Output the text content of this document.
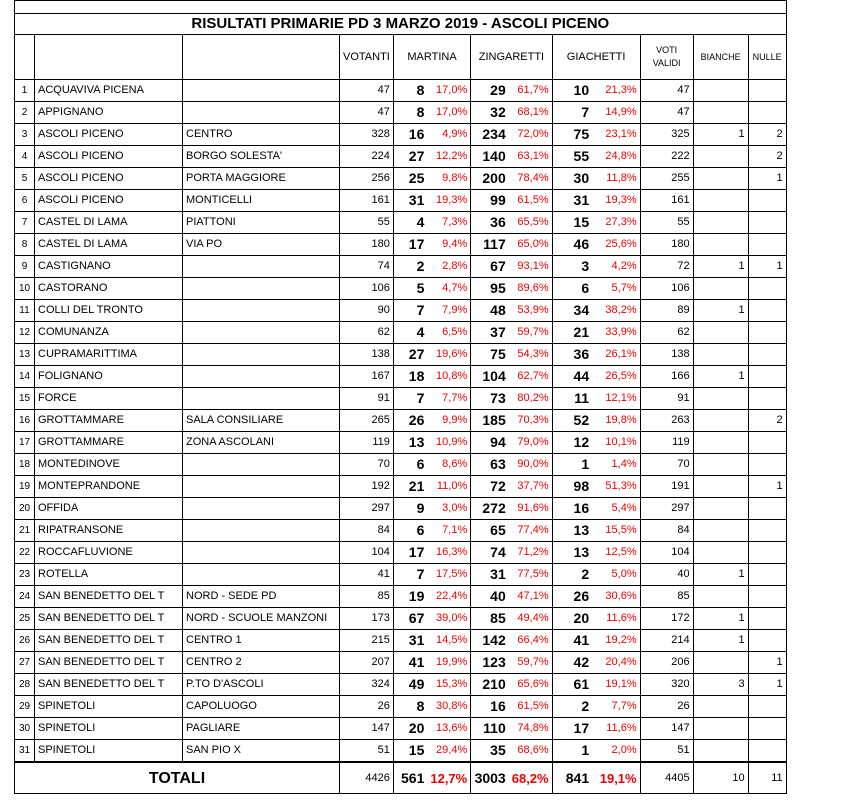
RISULTATI PRIMARIE PD 3 MARZO 2019 - ASCOLI PICENO												
			VOTANTI	MARTINA		ZINGARETTI		GIACHETTI		VOTI VALIDI	BIANCHE	NULLE
1	ACQUAVIVA PICENA		47	8	17,0%	29	61,7%	10	21,3%	47		
2	APPIGNANO		47	8	17,0%	32	68,1%	7	14,9%	47		
3	ASCOLI PICENO	CENTRO	328	16	4,9%	234	72,0%	75	23,1%	325	1	2
4	ASCOLI PICENO	BORGO SOLESTA'	224	27	12,2%	140	63,1%	55	24,8%	222		2
5	ASCOLI PICENO	PORTA MAGGIORE	256	25	9,8%	200	78,4%	30	11,8%	255		1
6	ASCOLI PICENO	MONTICELLI	161	31	19,3%	99	61,5%	31	19,3%	161		
7	CASTEL DI LAMA	PIATTONI	55	4	7,3%	36	65,5%	15	27,3%	55		
8	CASTEL DI LAMA	VIA PO	180	17	9,4%	117	65,0%	46	25,6%	180		
9	CASTIGNANO		74	2	2,8%	67	93,1%	3	4,2%	72	1	1
10	CASTORANO		106	5	4,7%	95	89,6%	6	5,7%	106		
11	COLLI DEL TRONTO		90	7	7,9%	48	53,9%	34	38,2%	89	1	
12	COMUNANZA		62	4	6,5%	37	59,7%	21	33,9%	62		
13	CUPRAMARITTIMA		138	27	19,6%	75	54,3%	36	26,1%	138		
14	FOLIGNANO		167	18	10,8%	104	62,7%	44	26,5%	166	1	
15	FORCE		91	7	7,7%	73	80,2%	11	12,1%	91		
16	GROTTAMMARE	SALA CONSILIARE	265	26	9,9%	185	70,3%	52	19,8%	263		2
17	GROTTAMMARE	ZONA ASCOLANI	119	13	10,9%	94	79,0%	12	10,1%	119		
18	MONTEDINOVE		70	6	8,6%	63	90,0%	1	1,4%	70		
19	MONTEPRANDONE		192	21	11,0%	72	37,7%	98	51,3%	191		1
20	OFFIDA		297	9	3,0%	272	91,6%	16	5,4%	297		
21	RIPATRANSONE		84	6	7,1%	65	77,4%	13	15,5%	84		
22	ROCCAFLUVIONE		104	17	16,3%	74	71,2%	13	12,5%	104		
23	ROTELLA		41	7	17,5%	31	77,5%	2	5,0%	40	1	
24	SAN BENEDETTO DEL T	NORD - SEDE PD	85	19	22,4%	40	47,1%	26	30,6%	85		
25	SAN BENEDETTO DEL T	NORD - SCUOLE MANZONI	173	67	39,0%	85	49,4%	20	11,6%	172	1	
26	SAN BENEDETTO DEL T	CENTRO 1	215	31	14,5%	142	66,4%	41	19,2%	214	1	
27	SAN BENEDETTO DEL T	CENTRO 2	207	41	19,9%	123	59,7%	42	20,4%	206		1
28	SAN BENEDETTO DEL T	P.TO D'ASCOLI	324	49	15,3%	210	65,6%	61	19,1%	320	3	1
29	SPINETOLI	CAPOLUOGO	26	8	30,8%	16	61,5%	2	7,7%	26		
30	SPINETOLI	PAGLIARE	147	20	13,6%	110	74,8%	17	11,6%	147		
31	SPINETOLI	SAN PIO X	51	15	29,4%	35	68,6%	1	2,0%	51		
TOTALI			4426	561	12,7%	3003	68,2%	841	19,1%	4405	10	11
